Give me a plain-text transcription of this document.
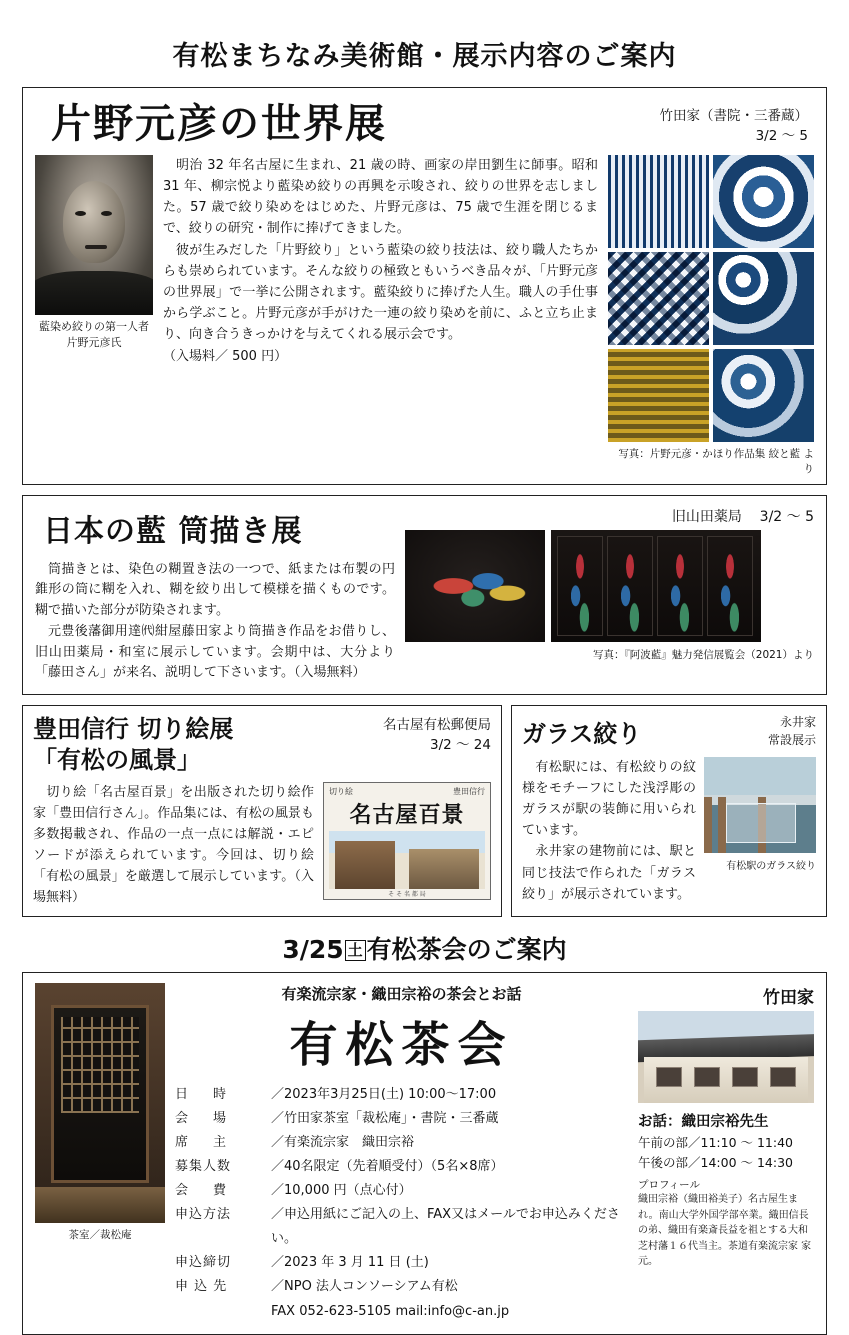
有松まちなみ美術館・展示内容のご案内
片野元彦の世界展	竹田家（書院・三番蔵）
3/2 〜 5
藍染め絞りの第一人者
片野元彦氏

明治 32 年名古屋に生まれ、21 歳の時、画家の岸田劉生に師事。昭和 31 年、柳宗悦より藍染め絞りの再興を示唆され、絞りの世界を志しました。57 歳で絞り染めをはじめた、片野元彦は、75 歳で生涯を閉じるまで、絞りの研究・制作に捧げてきました。

彼が生みだした「片野絞り」という藍染の絞り技法は、絞り職人たちからも崇められています。そんな絞りの極致ともいうべき品々が、「片野元彦の世界展」で一挙に公開されます。藍染絞りに捧げた人生。職人の手仕事から学ぶこと。片野元彦が手がけた一連の絞り染めを前に、ふと立ち止まり、向き合うきっかけを与えてくれる展示会です。

（入場料／ 500 円）

写真：片野元彦・かほり作品集 絞と藍 より
日本の藍 筒描き展

筒描きとは、染色の糊置き法の一つで、紙または布製の円錐形の筒に糊を入れ、糊を絞り出して模様を描くものです。糊で描いた部分が防染されます。

元豊後藩御用達㈹紺屋藤田家より筒描き作品をお借りし、旧山田薬局・和室に展示しています。会期中は、大分より「藤田さん」が来名、説明して下さいます。（入場無料）

旧山田薬局 3/2 〜 5
写真：『阿波藍』魅力発信展覧会（2021）より
豊田信行 切り絵展
「有松の風景」
名古屋有松郵便局
3/2 〜 24
　切り絵「名古屋百景」を出版された切り絵作家「豊田信行さん」。作品集には、有松の風景も多数掲載され、作品の一点一点には解説・エピソードが添えられています。今回は、切り絵「有松の風景」を厳選して展示しています。（入場無料）
切り絵	豊田信行
名古屋百景
そ そ 名 都 局
ガラス絞り	永井家
常設展示

　有松駅には、有松絞りの紋様をモチーフにした浅浮彫のガラスが駅の装飾に用いられています。

　永井家の建物前には、駅と同じ技法で作られた「ガラス絞り」が展示されています。

有松駅のガラス絞り
3/25 土 有松茶会のご案内
茶室／裁松庵
有楽流宗家・織田宗裕の茶会とお話
有松茶会
日　時	／2023年3月25日(土) 10:00〜17:00
会　場	／竹田家茶室「裁松庵」・書院・三番蔵
席　主	／有楽流宗家　織田宗裕
募集人数	／40名限定（先着順受付）（5名×8席）
会　費	／10,000 円（点心付）
申込方法	／申込用紙にご記入の上、FAX又はメールでお申込みください。
申込締切	／2023 年 3 月 11 日 (土)
申 込 先	／NPO 法人コンソーシアム有松
FAX 052-623-5105 mail:info@c-an.jp
竹田家
お話：織田宗裕先生
午前の部／11:10 〜 11:40
午後の部／14:00 〜 14:30
プロフィール
織田宗裕（織田裕美子）名古屋生まれ。南山大学外国学部卒業。織田信長の弟、織田有楽斎長益を祖とする大和芝村藩１６代当主。茶道有楽流宗家 家元。
